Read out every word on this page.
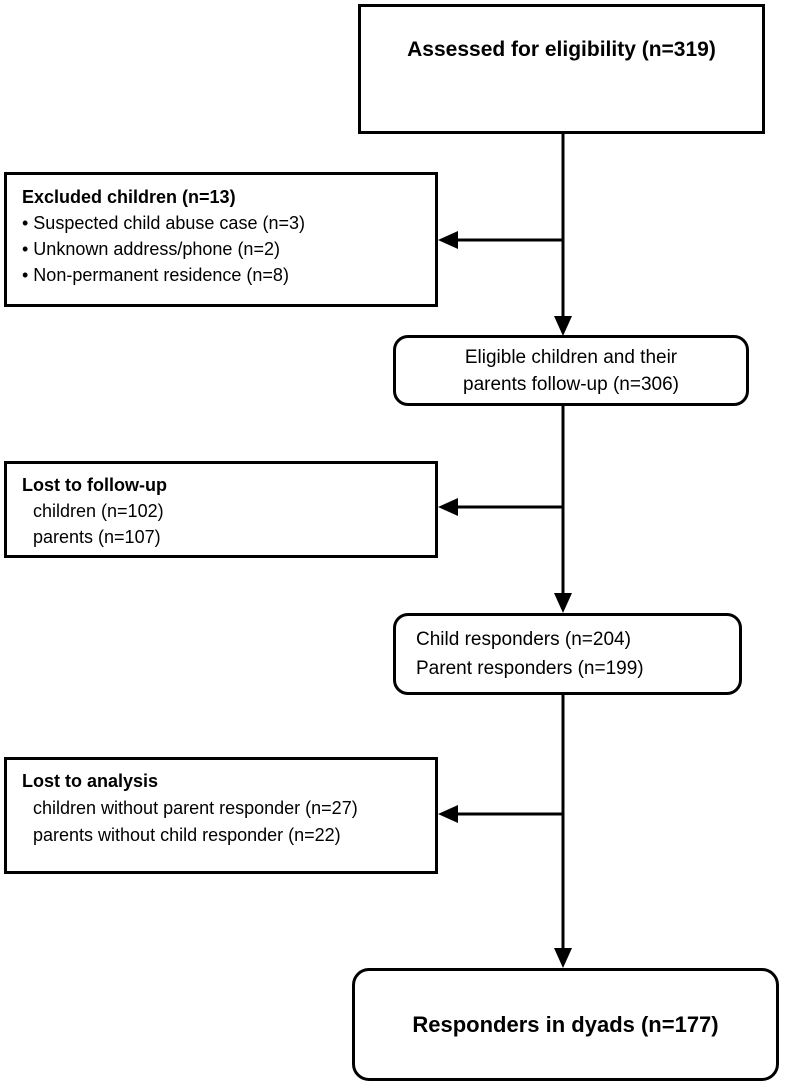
Assessed for eligibility (n=319)
Excluded children (n=13)
• Suspected child abuse case (n=3)
• Unknown address/phone (n=2)
• Non-permanent residence (n=8)
Eligible children and their
parents follow-up (n=306)
Lost to follow-up
children (n=102)
parents (n=107)
Child responders (n=204)
Parent responders (n=199)
Lost to analysis
children without parent responder (n=27)
parents without child responder (n=22)
Responders in dyads (n=177)
